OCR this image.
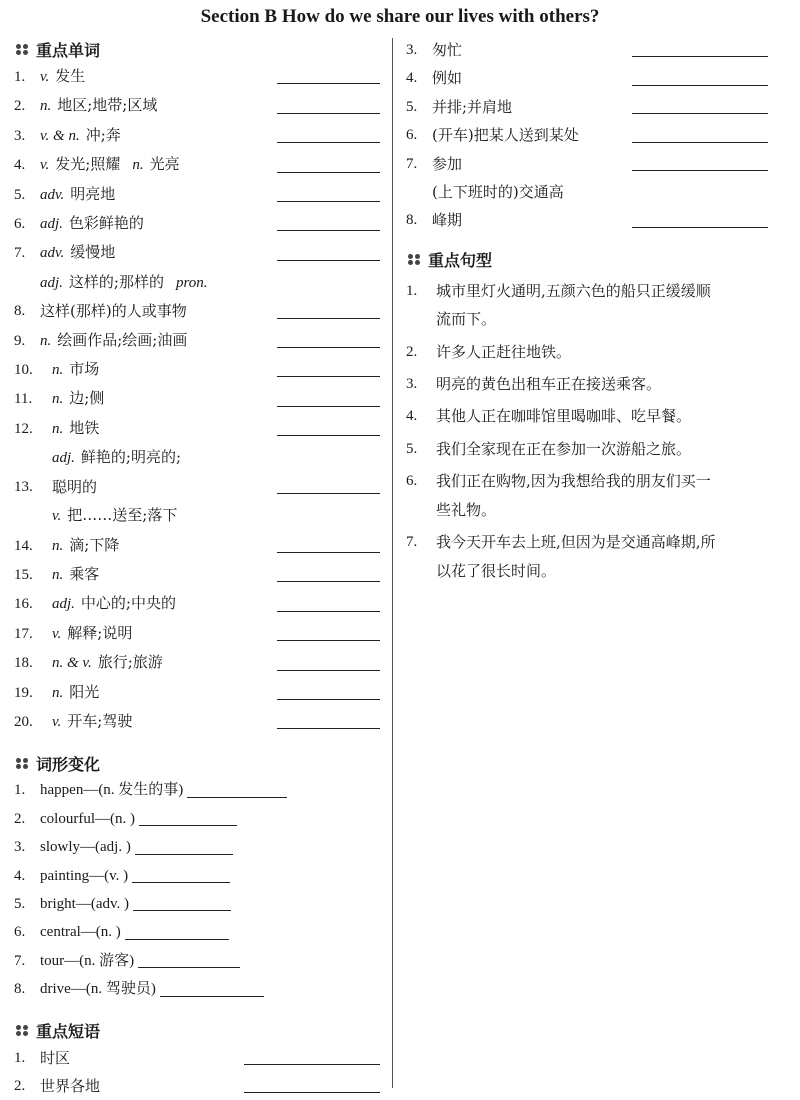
Section B How do we share our lives with others?
重点单词
1. v. 发生
2. n. 地区;地带;区域
3. v. & n. 冲;奔
4. v. 发光;照耀 n. 光亮
5. adv. 明亮地
6. adj. 色彩鲜艳的
7. adv. 缓慢地
8.
adj. 这样的;那样的 pron.
这样(那样)的人或事物
9. n. 绘画作品;绘画;油画
10.	n. 市场
11.	n. 边;侧
12.	n. 地铁
13.
adj. 鲜艳的;明亮的;
聪明的
14.
v. 把……送至;落下
n. 滴;下降
15.	n. 乘客
16.	adj. 中心的;中央的
17.	v. 解释;说明
18.	n. & v. 旅行;旅游
19.	n. 阳光
20.	v. 开车;驾驶
词形变化
1. happen—(n. 发生的事)
2. colourful—(n. )
3. slowly—(adj. )
4. painting—(v. )
5. bright—(adv. )
6. central—(n. )
7. tour—(n. 游客)
8. drive—(n. 驾驶员)
重点短语
1. 时区
2. 世界各地
3. 匆忙
4. 例如
5. 并排;并肩地
6. (开车)把某人送到某处
7. 参加
8.
(上下班时的)交通高
峰期
重点句型
1.	城市里灯火通明,五颜六色的船只正缓缓顺
流而下。
2.	许多人正赶往地铁。
3.	明亮的黄色出租车正在接送乘客。
4.	其他人正在咖啡馆里喝咖啡、吃早餐。
5.	我们全家现在正在参加一次游船之旅。
6.	我们正在购物,因为我想给我的朋友们买一
些礼物。
7.	我今天开车去上班,但因为是交通高峰期,所
以花了很长时间。
